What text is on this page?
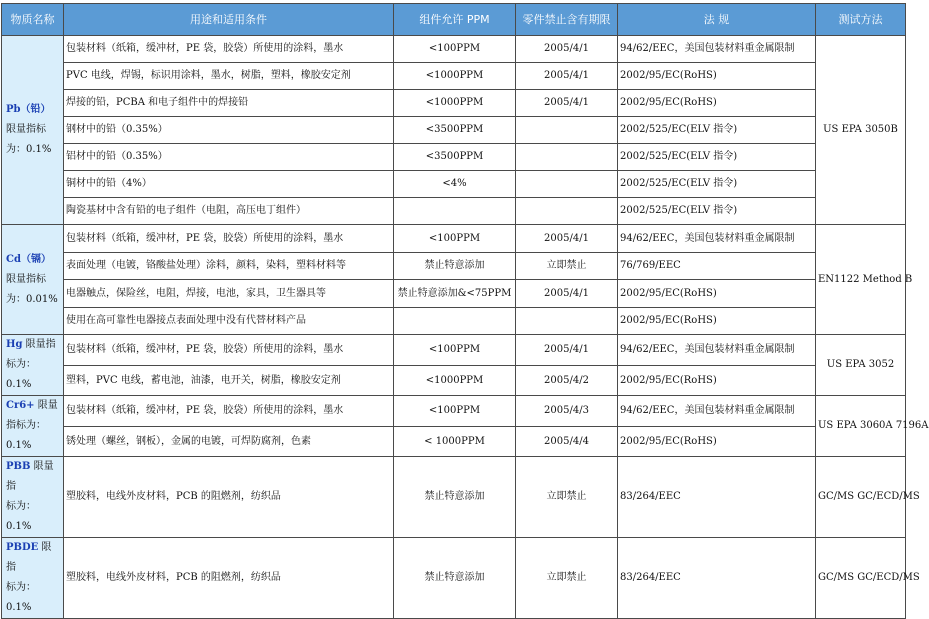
物质名称	用途和适用条件	组件允许 PPM	零件禁止含有期限	法 规	测试方法
Pb（铅） 限量指标
为：0.1%	包装材料（纸箱，缓冲材，PE 袋，胶袋）所使用的涂料，墨水	<100PPM	2005/4/1	94/62/EEC，美国包装材料重金属限制	US EPA 3050B
	PVC 电线，焊锡，标识用涂料，墨水，树脂，塑料，橡胶安定剂	<1000PPM	2005/4/1	2002/95/EC(RoHS)	
	焊接的铅，PCBA 和电子组件中的焊接铅	<1000PPM	2005/4/1	2002/95/EC(RoHS)	
	钢材中的铅（0.35%）	<3500PPM		2002/525/EC(ELV 指令)	
	铝材中的铅（0.35%）	<3500PPM		2002/525/EC(ELV 指令)	
	铜材中的铅（4%）	<4%		2002/525/EC(ELV 指令)	
	陶瓷基材中含有铅的电子组件（电阻，高压电丁组件）			2002/525/EC(ELV 指令)	
Cd（镉） 限量指标
为：0.01%	包装材料（纸箱，缓冲材，PE 袋，胶袋）所使用的涂料，墨水	<100PPM	2005/4/1	94/62/EEC，美国包装材料重金属限制	EN1122 Method B
	表面处理（电镀，铬酸盐处理）涂料，颜料，染料，塑料材料等	禁止特意添加	立即禁止	76/769/EEC	
	电器触点，保险丝，电阻，焊接，电池，家具，卫生器具等	禁止特意添加&<75PPM	2005/4/1	2002/95/EC(RoHS)	
	使用在高可靠性电器接点表面处理中没有代替材料产品			2002/95/EC(RoHS)	
Hg 限量指
标为：0.1%	包装材料（纸箱，缓冲材，PE 袋，胶袋）所使用的涂料，墨水	<100PPM	2005/4/1	94/62/EEC，美国包装材料重金属限制	US EPA 3052
	塑料，PVC 电线，蓄电池，油漆，电开关，树脂，橡胶安定剂	<1000PPM	2005/4/2	2002/95/EC(RoHS)	
Cr6+ 限量
指标为：0.1%	包装材料（纸箱，缓冲材，PE 袋，胶袋）所使用的涂料，墨水	<100PPM	2005/4/3	94/62/EEC，美国包装材料重金属限制	US EPA 3060A 7196A
	锈处理（螺丝，钢板），金属的电镀，可焊防腐剂，色素	< 1000PPM	2005/4/4	2002/95/EC(RoHS)	
PBB 限量指
标为：0.1%	塑胶料，电线外皮材料，PCB 的阻燃剂，纺织品	禁止特意添加	立即禁止	83/264/EEC	GC/MS GC/ECD/MS
PBDE 限指
标为：0.1%	塑胶料，电线外皮材料，PCB 的阻燃剂，纺织品	禁止特意添加	立即禁止	83/264/EEC	GC/MS GC/ECD/MS
